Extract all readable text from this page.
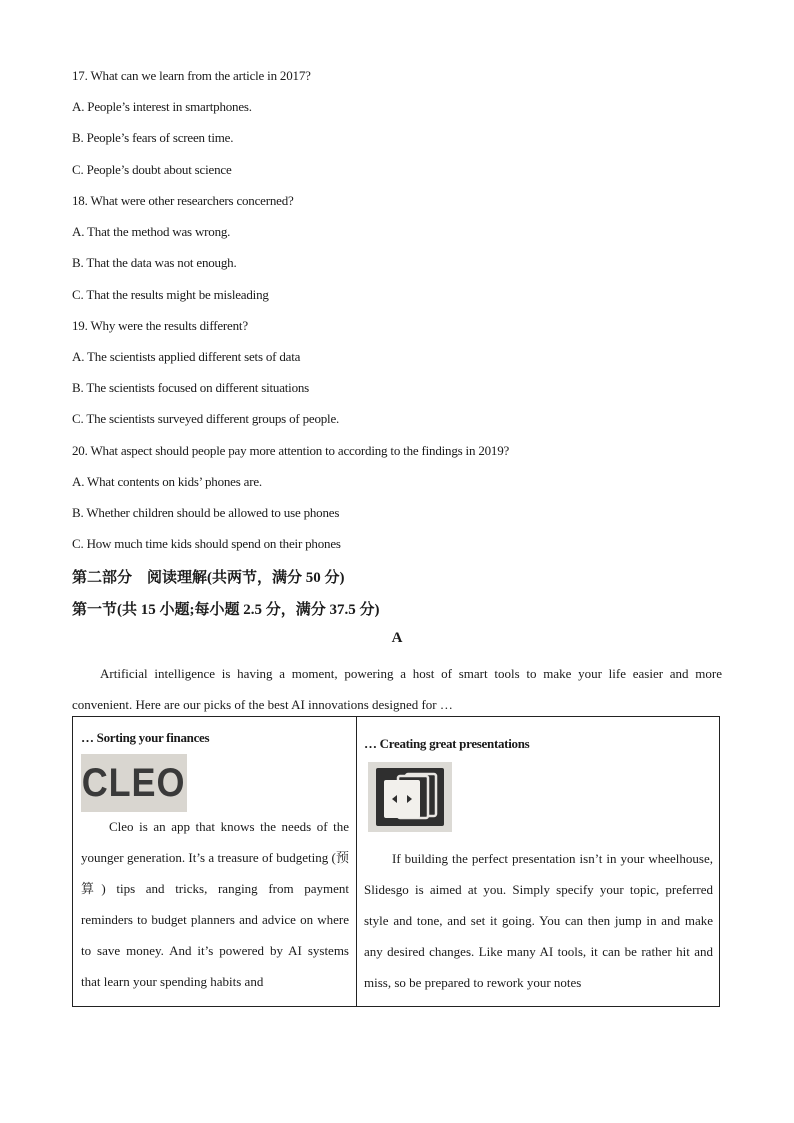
17. What can we learn from the article in 2017?
A. People’s interest in smartphones.
B. People’s fears of screen time.
C. People’s doubt about science
18. What were other researchers concerned?
A. That the method was wrong.
B. That the data was not enough.
C. That the results might be misleading
19. Why were the results different?
A. The scientists applied different sets of data
B. The scientists focused on different situations
C. The scientists surveyed different groups of people.
20. What aspect should people pay more attention to according to the findings in 2019?
A. What contents on kids’ phones are.
B. Whether children should be allowed to use phones
C. How much time kids should spend on their phones
第二部分　阅读理解(共两节，满分 50 分)
第一节(共 15 小题;每小题 2.5 分，满分 37.5 分)
A
Artificial intelligence is having a moment, powering a host of smart tools to make your life easier and more convenient. Here are our picks of the best AI innovations designed for …
… Sorting your finances
CLEO
Cleo is an app that knows the needs of the younger generation. It’s a treasure of budgeting (预算) tips and tricks, ranging from payment reminders to budget planners and advice on where to save money. And it’s powered by AI systems that learn your spending habits and
… Creating great presentations
If building the perfect presentation isn’t in your wheelhouse, Slidesgo is aimed at you. Simply specify your topic, preferred style and tone, and set it going. You can then jump in and make any desired changes. Like many AI tools, it can be rather hit and miss, so be prepared to rework your notes
